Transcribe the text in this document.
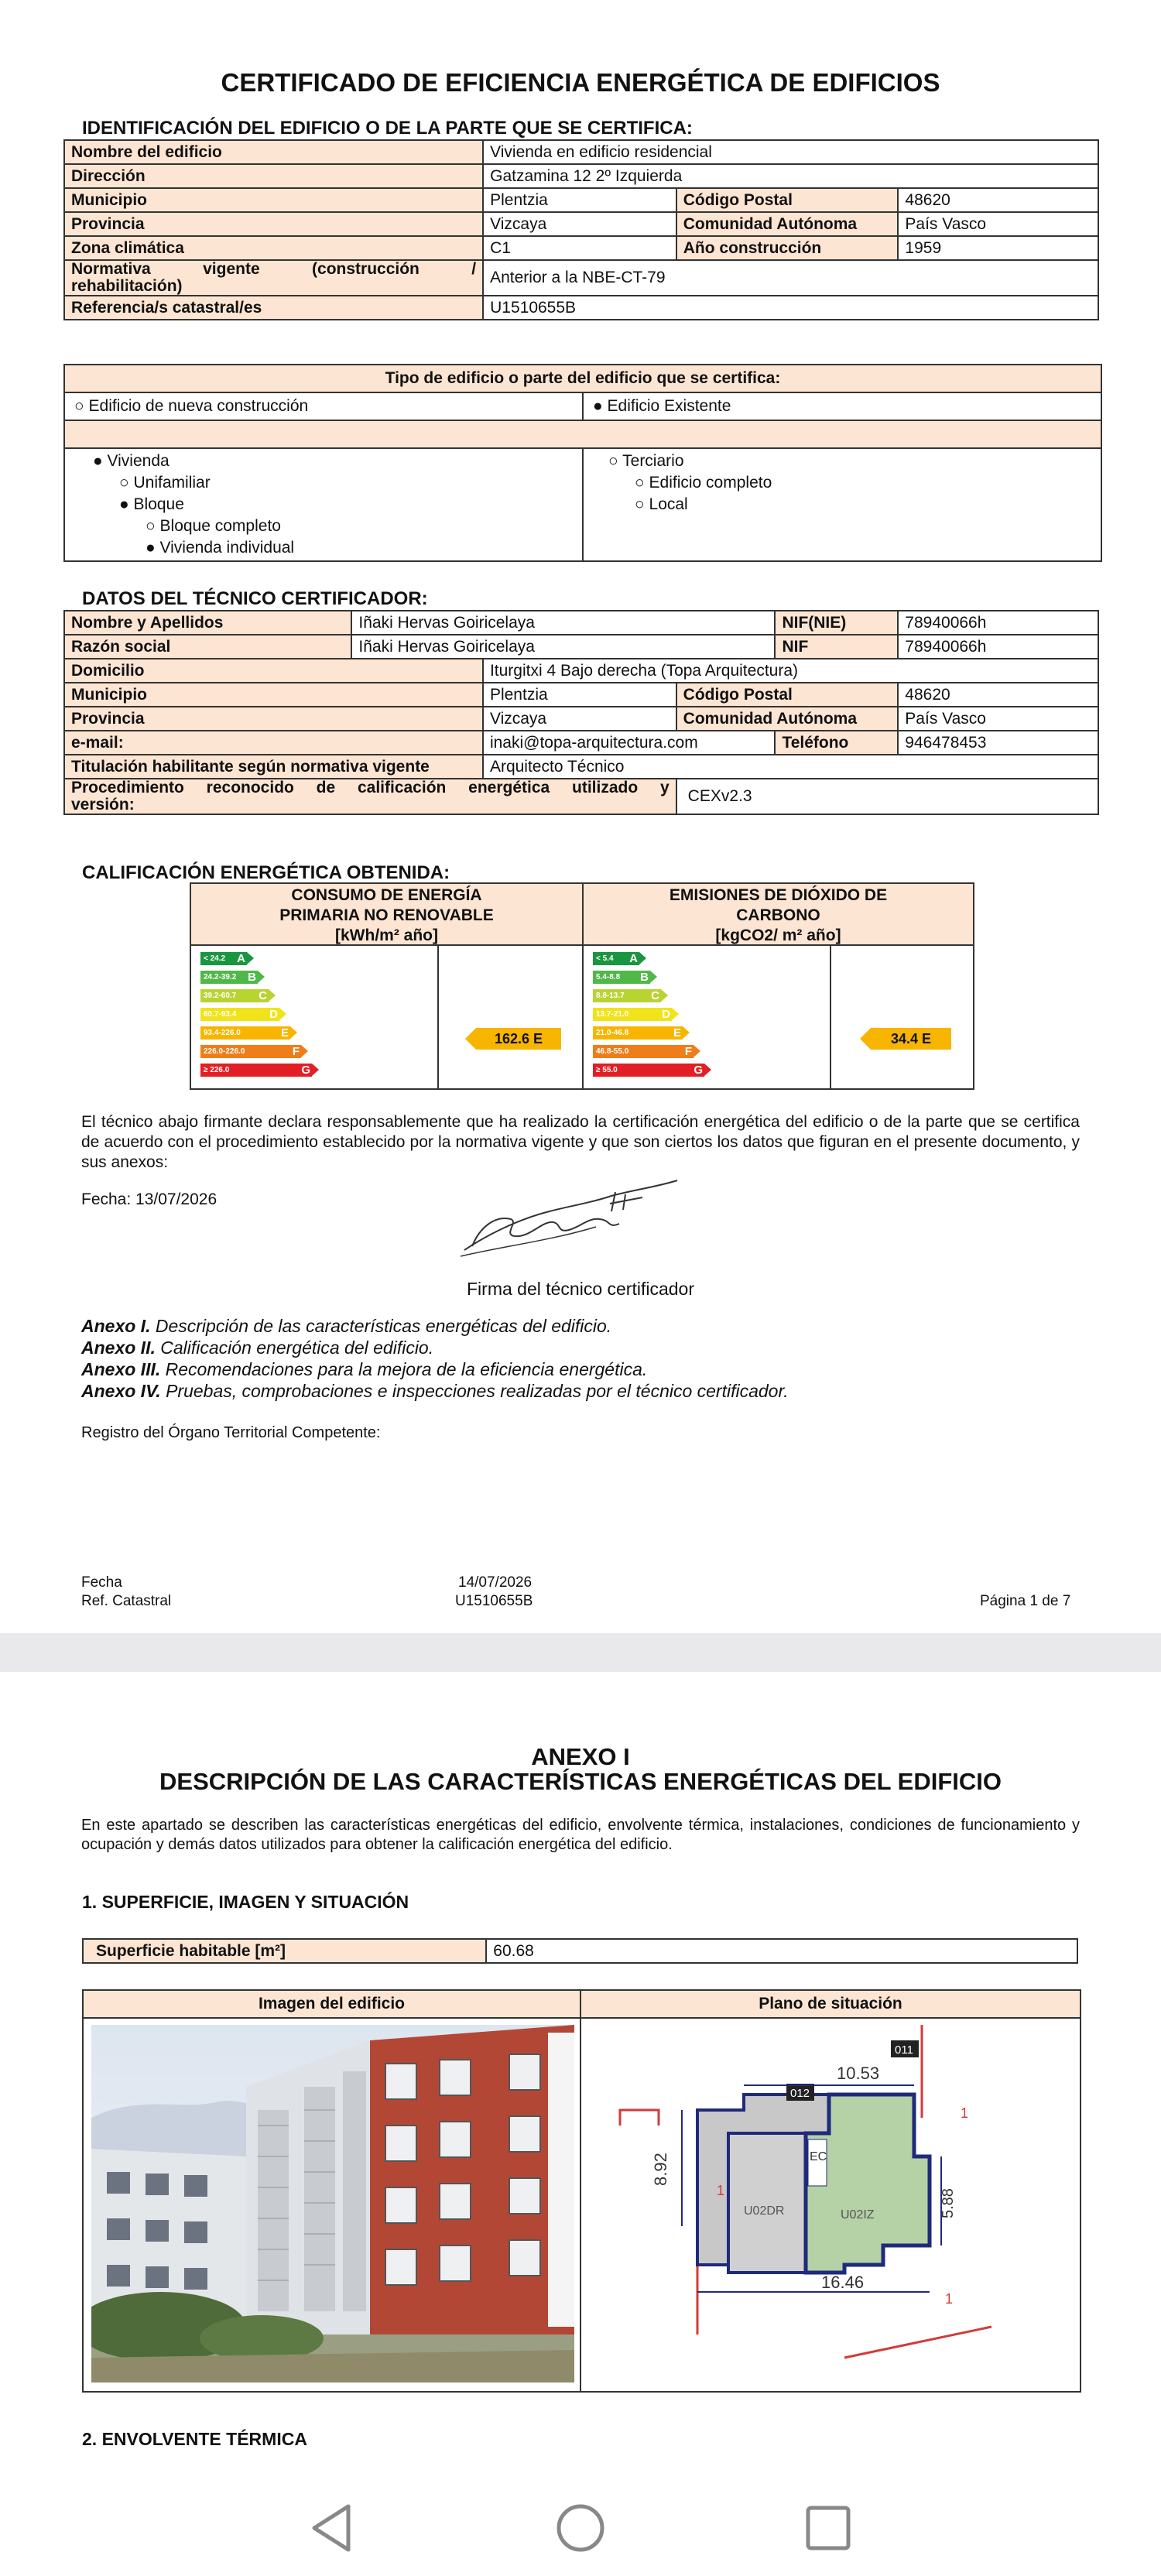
CERTIFICADO DE EFICIENCIA ENERGÉTICA DE EDIFICIOS
IDENTIFICACIÓN DEL EDIFICIO O DE LA PARTE QUE SE CERTIFICA:
Nombre del edificio	Vivienda en edificio residencial		
Dirección	Gatzamina 12 2º Izquierda		
Municipio	Plentzia	Código Postal	48620
Provincia	Vizcaya	Comunidad Autónoma	País Vasco
Zona climática	C1	Año construcción	1959

Normativa vigente (construcción /
rehabilitación)	Anterior a la NBE-CT-79		
Referencia/s catastral/es	U1510655B		
Tipo de edificio o parte del edificio que se certifica:
○ Edificio de nueva construcción	● Edificio Existente
● Vivienda
○ Unifamiliar
● Bloque
○ Bloque completo
● Vivienda individual
○ Terciario
○ Edificio completo
○ Local
DATOS DEL TÉCNICO CERTIFICADOR:
Nombre y Apellidos	Iñaki Hervas Goiricelaya			NIF(NIE)	78940066h
Razón social	Iñaki Hervas Goiricelaya			NIF	78940066h
Domicilio		Iturgitxi 4 Bajo derecha (Topa Arquitectura)			
Municipio		Plentzia	Código Postal		48620
Provincia		Vizcaya	Comunidad Autónoma		País Vasco
e-mail:		inaki@topa-arquitectura.com		Teléfono	946478453
Titulación habilitante según normativa vigente		Arquitecto Técnico			

Procedimiento reconocido de calificación energética utilizado y
versión:			CEXv2.3		
CALIFICACIÓN ENERGÉTICA OBTENIDA:
CONSUMO DE ENERGÍA
PRIMARIA NO RENOVABLE
[kWh/m² año]
EMISIONES DE DIÓXIDO DE
CARBONO
[kgCO2/ m² año]
< 24.2 A
24.2-39.2 B
39.2-60.7 C
60.7-93.4	D
93.4-226.0	E
226.0-226.0	F
≥ 226.0	G
< 5.4 A
5.4-8.8 B
8.8-13.7 C
13.7-21.0	D
21.0-46.8	E
46.8-55.0	F
≥ 55.0	G
162.6 E	34.4 E
El técnico abajo firmante declara responsablemente que ha realizado la certificación energética del edificio o de la parte que se certifica de acuerdo con el procedimiento establecido por la normativa vigente y que son ciertos los datos que figuran en el presente documento, y sus anexos:
Fecha: 13/07/2026
Firma del técnico certificador
Anexo I. Descripción de las características energéticas del edificio.
Anexo II. Calificación energética del edificio.
Anexo III. Recomendaciones para la mejora de la eficiencia energética.
Anexo IV. Pruebas, comprobaciones e inspecciones realizadas por el técnico certificador.
Registro del Órgano Territorial Competente:
Fecha
Ref. Catastral
14/07/2026
U1510655B	Página 1 de 7
ANEXO I
DESCRIPCIÓN DE LAS CARACTERÍSTICAS ENERGÉTICAS DEL EDIFICIO
En este apartado se describen las características energéticas del edificio, envolvente térmica, instalaciones, condiciones de funcionamiento y ocupación y demás datos utilizados para obtener la calificación energética del edificio.
1. SUPERFICIE, IMAGEN Y SITUACIÓN
Superficie habitable [m²]	60.68
Imagen del edificio	Plano de situación
EC
U02DR	U02IZ
1
1
1
011
012
10.53
8.92
5.88
16.46
2. ENVOLVENTE TÉRMICA
